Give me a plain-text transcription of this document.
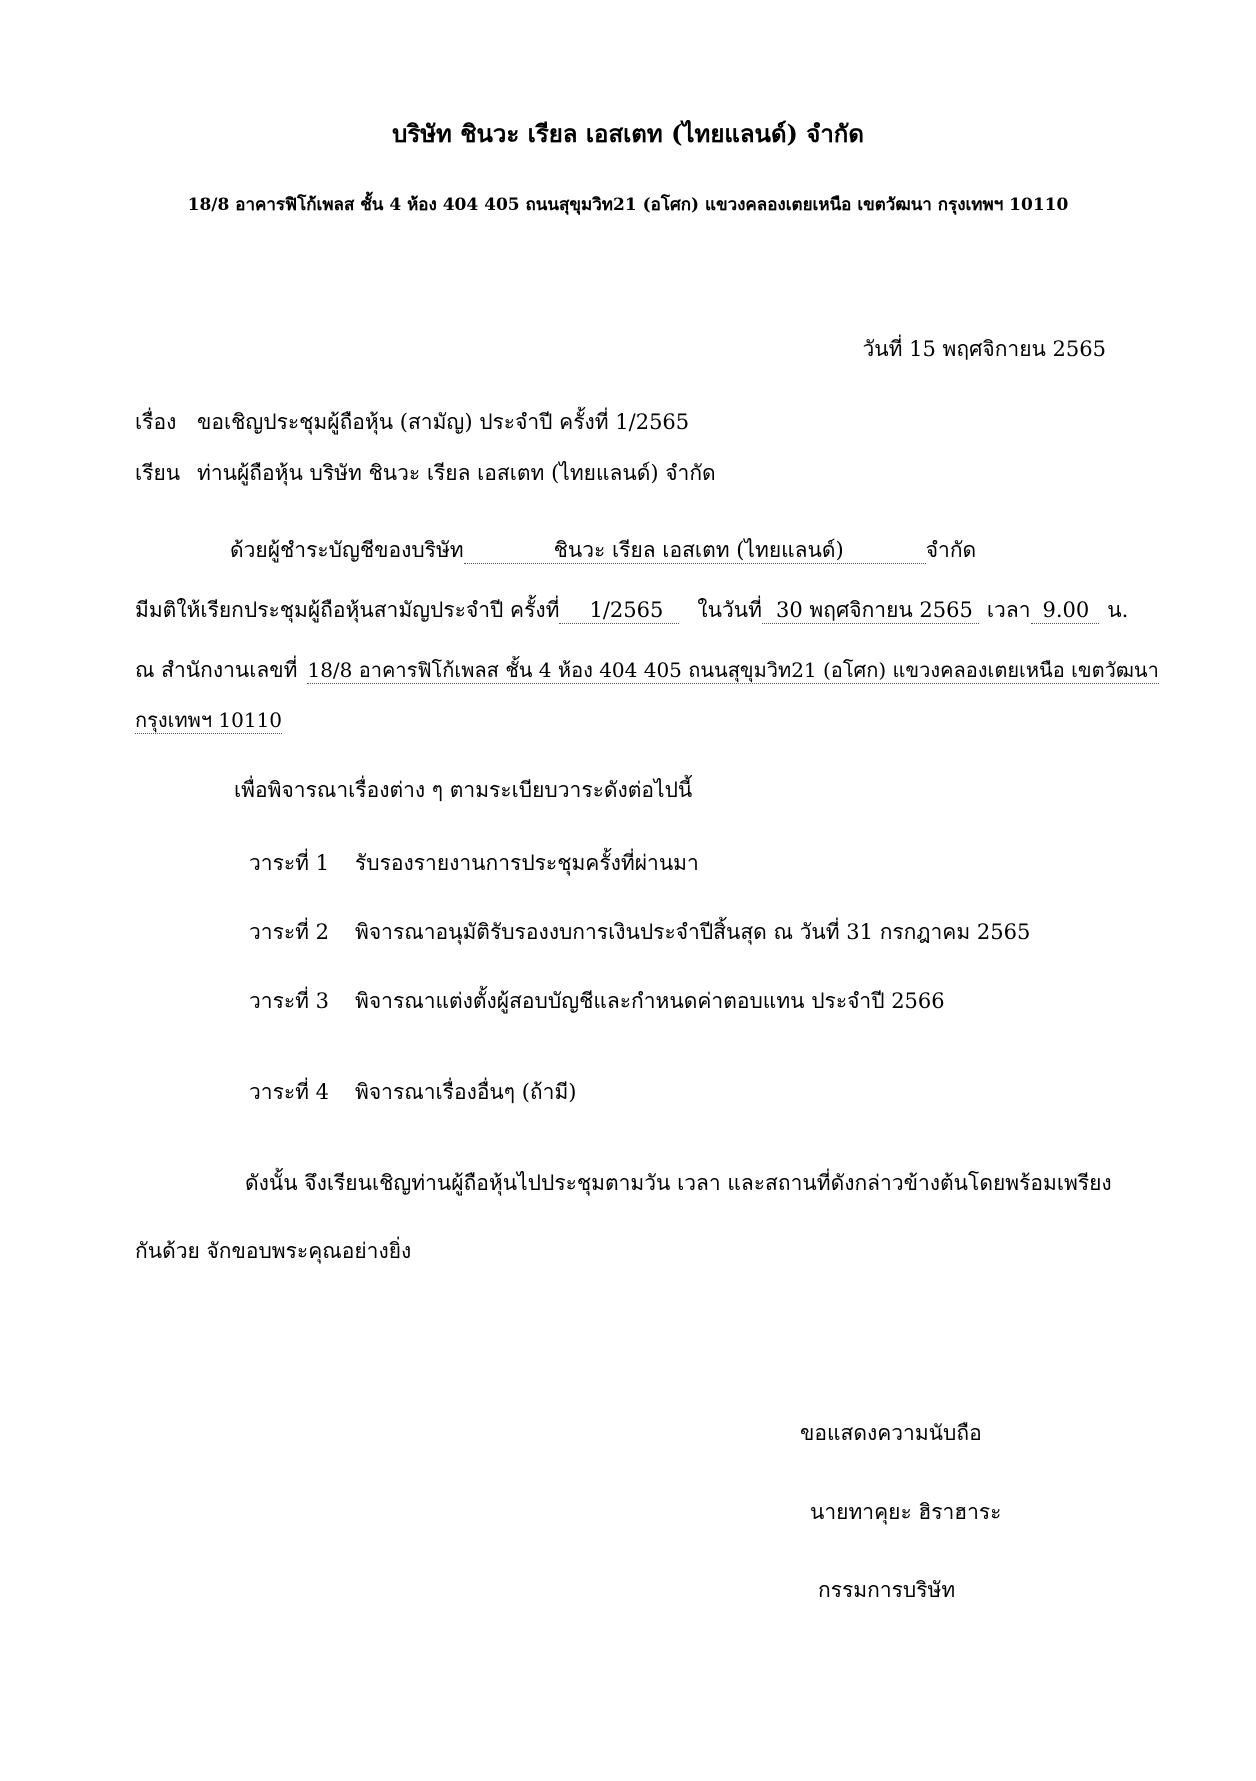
บริษัท ชินวะ เรียล เอสเตท (ไทยแลนด์) จำกัด

18/8 อาคารฟิโก้เพลส ชั้น 4 ห้อง 404 405 ถนนสุขุมวิท21 (อโศก) แขวงคลองเตยเหนือ เขตวัฒนา กรุงเทพฯ 10110

วันที่ 15 พฤศจิกายน 2565

เรื่อง ขอเชิญประชุมผู้ถือหุ้น (สามัญ) ประจำปี ครั้งที่ 1/2565

เรียน ท่านผู้ถือหุ้น บริษัท ชินวะ เรียล เอสเตท (ไทยแลนด์) จำกัด

ด้วยผู้ชำระบัญชีของบริษัท	ชินวะ เรียล เอสเตท (ไทยแลนด์)	จำกัด

มีมติให้เรียกประชุมผู้ถือหุ้นสามัญประจำปี ครั้งที่ 1/2565 ในวันที่ 30 พฤศจิกายน 2565 เวลา 9.00 น.

ณ สำนักงานเลขที่ 18/8 อาคารฟิโก้เพลส ชั้น 4 ห้อง 404 405 ถนนสุขุมวิท21 (อโศก) แขวงคลองเตยเหนือ เขตวัฒนา

กรุงเทพฯ 10110

เพื่อพิจารณาเรื่องต่าง ๆ ตามระเบียบวาระดังต่อไปนี้

วาระที่ 1 รับรองรายงานการประชุมครั้งที่ผ่านมา

วาระที่ 2 พิจารณาอนุมัติรับรองงบการเงินประจำปีสิ้นสุด ณ วันที่ 31 กรกฎาคม 2565

วาระที่ 3 พิจารณาแต่งตั้งผู้สอบบัญชีและกำหนดค่าตอบแทน ประจำปี 2566

วาระที่ 4 พิจารณาเรื่องอื่นๆ (ถ้ามี)

ดังนั้น จึงเรียนเชิญท่านผู้ถือหุ้นไปประชุมตามวัน เวลา และสถานที่ดังกล่าวข้างต้นโดยพร้อมเพรียง

กันด้วย จักขอบพระคุณอย่างยิ่ง

ขอแสดงความนับถือ

นายทาคุยะ ฮิราฮาระ

กรรมการบริษัท
